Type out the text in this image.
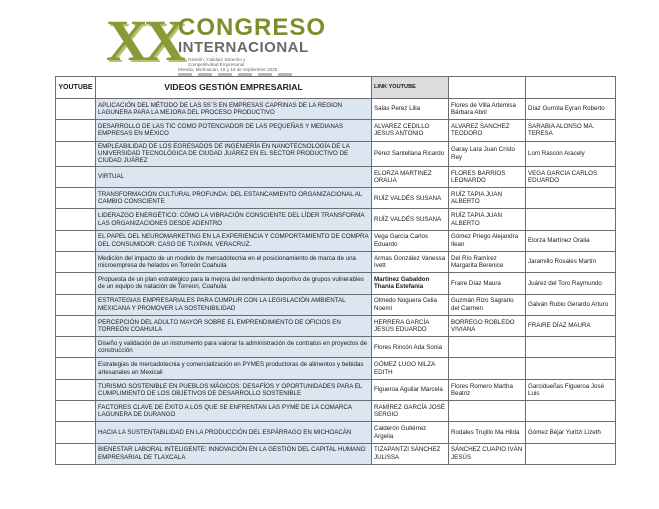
XX
CONGRESO
INTERNACIONAL
Gestión, Calidad, Derecho y
Competitividad Empresarial
Morelia, Michoacán, 18 y 19 de septiembre 2025
YOUTUBE	VIDEOS GESTIÓN EMPRESARIAL	LINK YOUTUBE		
	APLICACIÓN DEL MÉTODO DE LAS 5S´S EN EMPRESAS CAPRINAS DE LA REGION LAGUNERA PARA LA MEJORA DEL PROCESO PRODUCTIVO	Salas Perez Lilia	Flores de Villa Artemisa Bárbara Abril	Díaz Gurrola Eyran Roberto
	DESARROLLO DE LAS TIC COMO POTENCIADOR DE LAS PEQUEÑAS Y MEDIANAS EMPRESAS EN MÉXICO	ALVAREZ CEDILLO JESUS ANTONIO	ALVAREZ SANCHEZ TEODORO	SARABIA ALONSO MA. TERESA
	EMPLEABILIDAD DE LOS EGRESADOS DE INGENIERÍA EN NANOTECNOLOGÍA DE LA UNIVERSIDAD TECNOLÓGICA DE CIUDAD JUÁREZ EN EL SECTOR PRODUCTIVO DE CIUDAD JUÁREZ	Pérez Santellana Ricardo	Garay Lara Juan Cristo Rey	Lom Rascón Aracely
	VIRTUAL	ELORZA MARTINEZ ORALIA	FLORES BARRIOS LEONARDO	VEGA GARCIA CARLOS EDUARDO
	TRANSFORMACIÓN CULTURAL PROFUNDA: DEL ESTANCAMIENTO ORGANIZACIONAL AL CAMBIO CONSCIENTE	RUÍZ VALDÉS SUSANA	RUÍZ TAPIA JUAN ALBERTO	
	LIDERAZGO ENERGÉTICO: CÓMO LA VIBRACIÓN CONSCIENTE DEL LÍDER TRANSFORMA LAS ORGANIZACIONES DESDE ADENTRO	RUÍZ VALDÉS SUSANA	RUÍZ TAPIA JUAN ALBERTO	
	EL PAPEL DEL NEUROMARKETING EN LA EXPERIENCIA Y COMPORTAMIENTO DE COMPRA DEL CONSUMIDOR: CASO DE TUXPAN, VERACRUZ.	Vega García Carlos Eduardo	Gómez Priego Alejandra Ilean	Elorza Martínez Oralia
	Medición del impacto de un modelo de mercadotecnia en el posicionamiento de marca de una microempresa de helados en Torreón Coahuila	Armas González Vanessa Ivett	Del Río Ramírez Margarita Berenice	Jaramillo Rosales Martín
	Propuesta de un plan estratégico para la mejora del rendimiento deportivo de grupos vulnerables de un equipo de natación de Torreon, Coahuila	Martinez Gabaldon Thania Estefania	Fraire Díaz Maura	Juárez del Toro Raymundo
	ESTRATEGIAS EMPRESARIALES PARA CUMPLIR CON LA LEGISLACIÓN AMBIENTAL MEXICANA Y PROMOVER LA SOSTENIBILIDAD	Olmedo Noguera Celia Noemí	Guzmán Rizo Sagrario del Carmen	Galván Rubio Gerardo Arturo
	PERCEPCIÓN DEL ADULTO MAYOR SOBRE EL EMPRENDIMIENTO DE OFICIOS EN TORREÓN COAHUILA	HERRERA GARCÍA JESÚS EDUARDO	BORREGO ROBLEDO VIVIANA	FRAIRE DÍAZ MAURA
	Diseño y validación de un instrumento para valorar la administración de contratos en proyectos de construcción	Flores Rincón Ada Sonia		
	Estrategias de mercadotecnia y comercialización en PYMES productoras de alimentos y bebidas artesanales en Mexicali	GÓMEZ LUGO NILZA EDITH		
	TURISMO SOSTENIBLE EN PUEBLOS MÁGICOS: DESAFÍOS Y OPORTUNIDADES PARA EL CUMPLIMIENTO DE LOS OBJETIVOS DE DESARROLLO SOSTENIBLE	Figueroa Aguilar Marcela	Flores Romero Martha Beatriz	Garcidueñas Figueroa José Luis
	FACTORES CLAVE DE ÉXITO A LOS QUE SE ENFRENTAN LAS PYME DE LA COMARCA LAGUNERA DE DURANGO	RAMÍREZ GARCÍA JOSÉ SERGIO		
	HACIA LA SUSTENTABILIDAD EN LA PRODUCCIÓN DEL ESPÁRRAGO EN MICHOACÁN	Calderón Gutiérrez Argelia	Rodales Trujillo Ma Hilda	Gómez Béjar Yuritzi Lizeth
	BIENESTAR LABORAL INTELIGENTE: INNOVACIÓN EN LA GESTIÓN DEL CAPITAL HUMANO EMPRESARIAL DE TLAXCALA	TIZAPANTZI SÁNCHEZ JULISSA	SÁNCHEZ CUAPIO IVÁN JESÚS	
